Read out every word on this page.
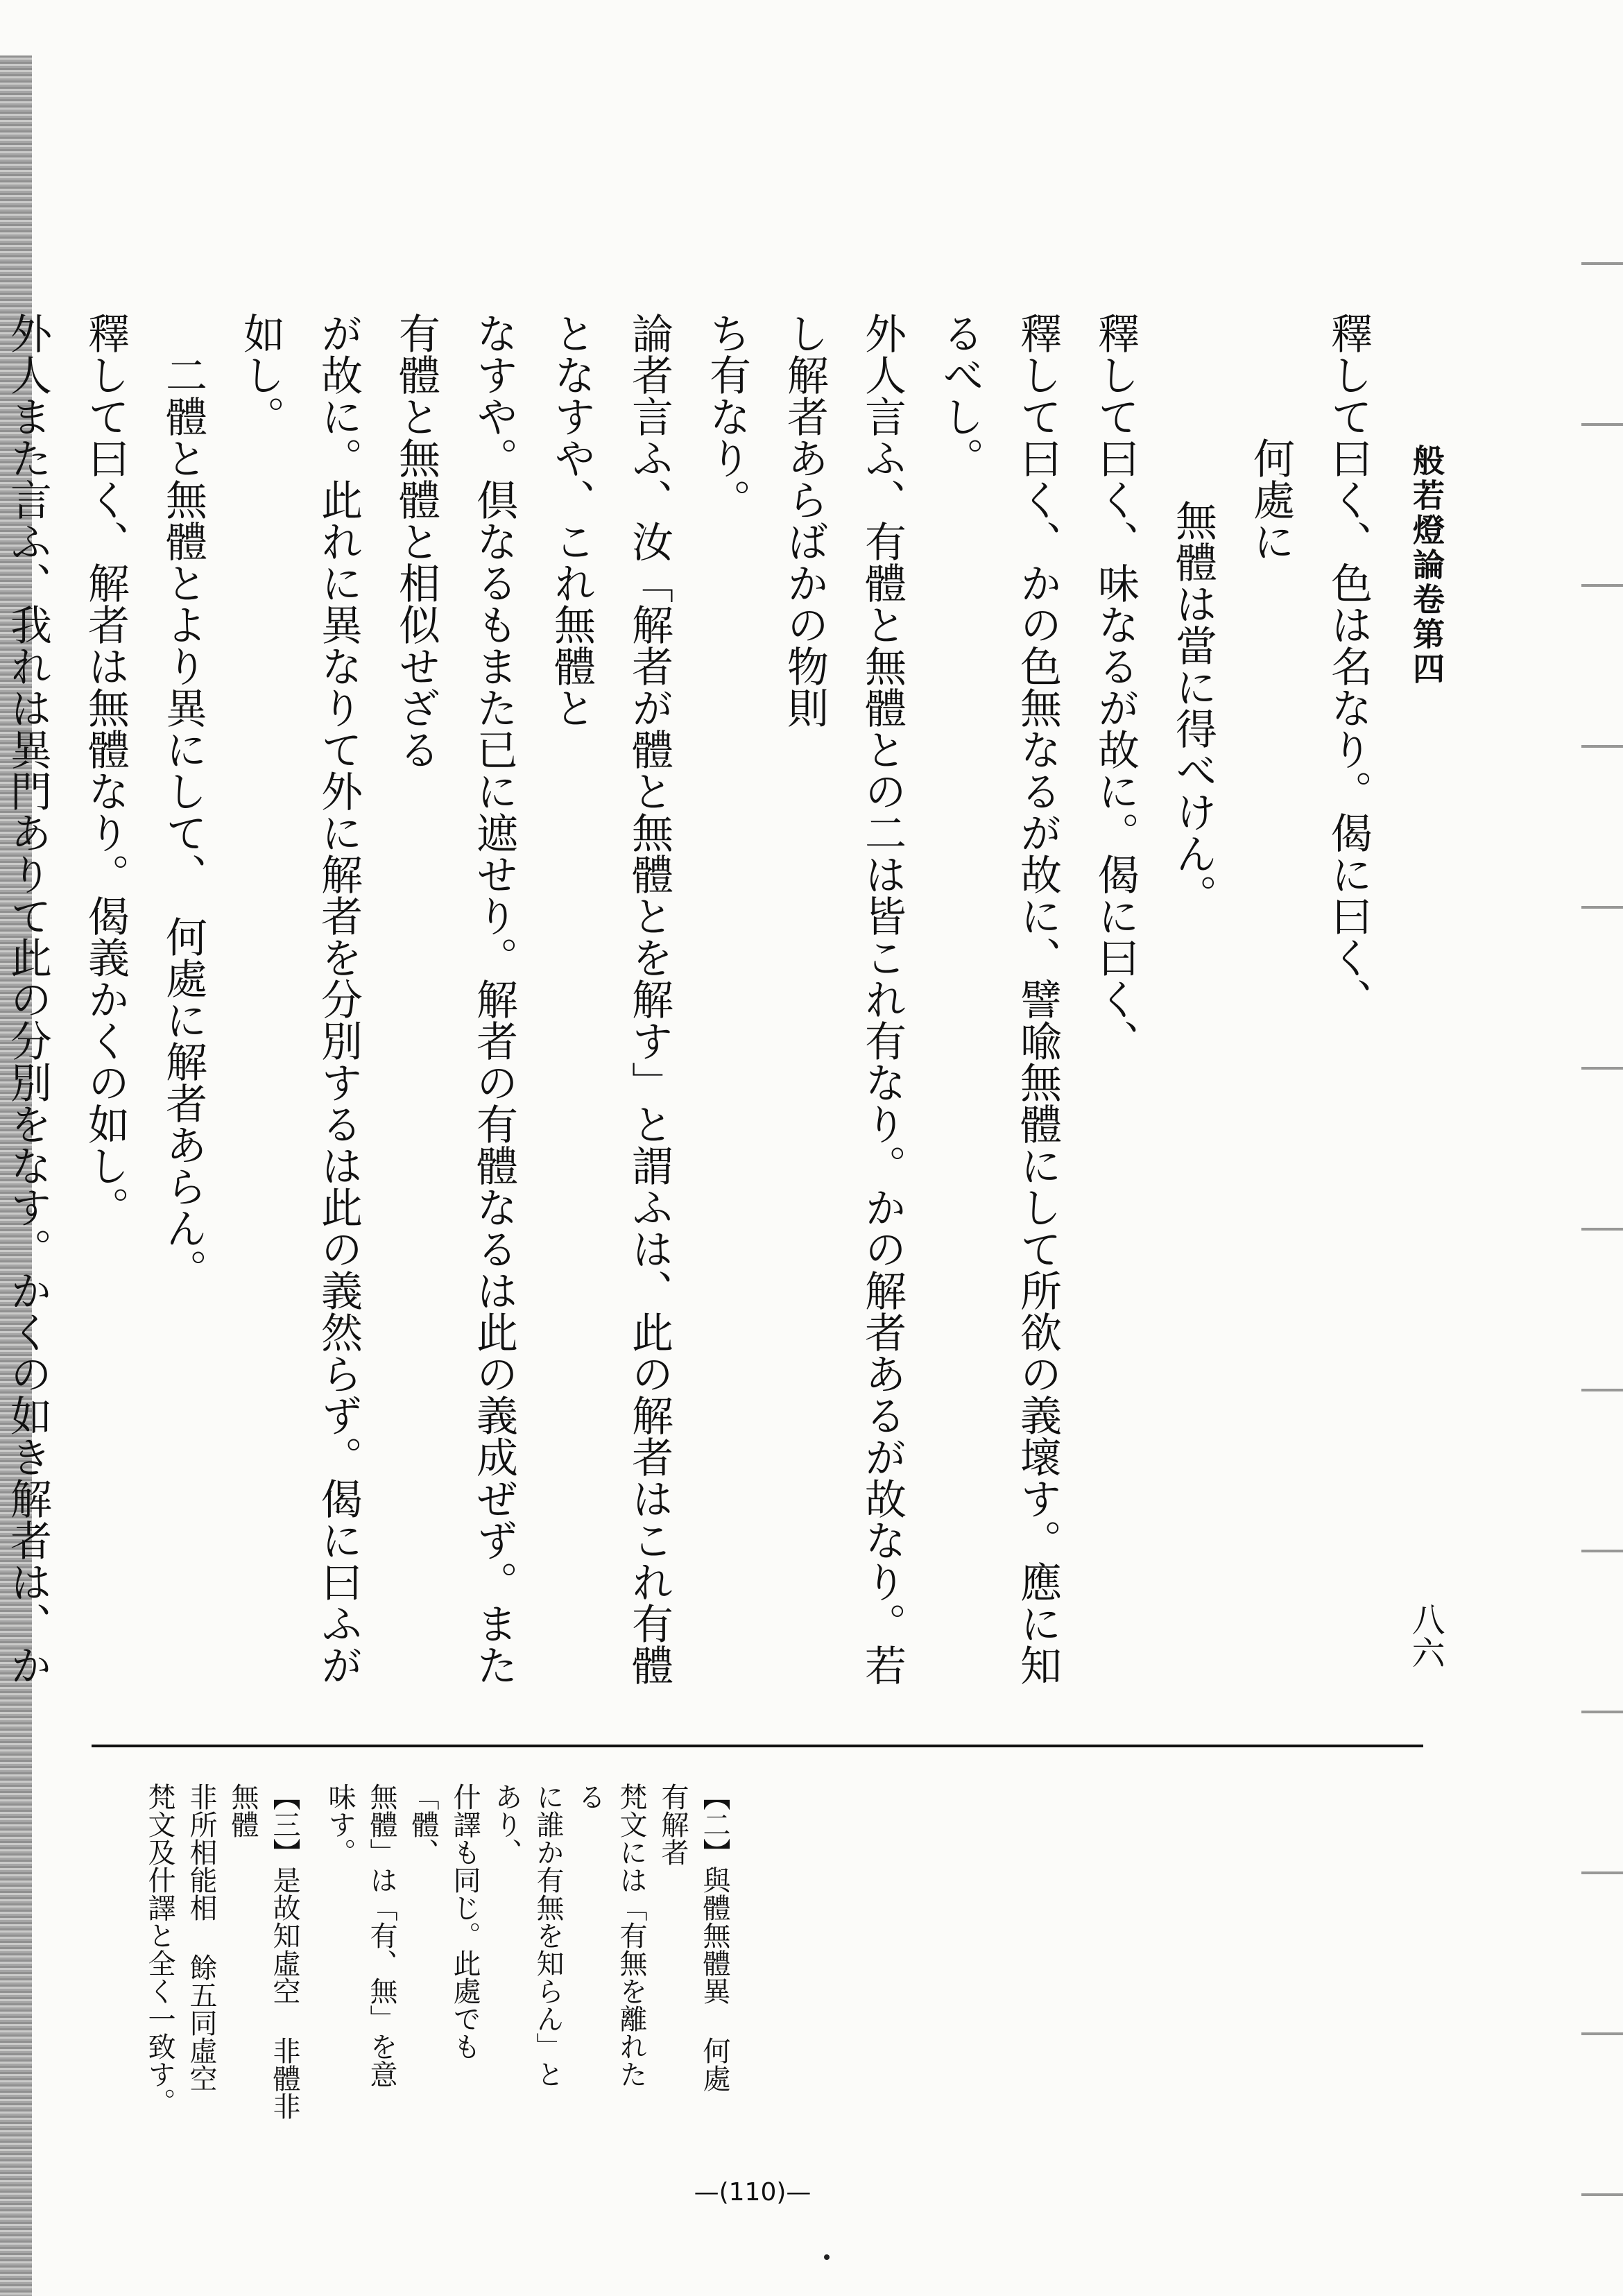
般若燈論卷第四
八六
釋して曰く、色は名なり。偈に曰く、
　何處に
　　無體は當に得べけん。
釋して曰く、味なるが故に。偈に曰く、
釋して曰く、かの色無なるが故に、譬喩無體にして所欲の義壞す。應に知るべし。
外人言ふ、有體と無體との二は皆これ有なり。かの解者あるが故なり。若し解者あらばかの物則
ち有なり。
論者言ふ、汝「解者が體と無體とを解す」と謂ふは、此の解者はこれ有體となすや、これ無體と
なすや。倶なるもまた已に遮せり。解者の有體なるは此の義成ぜず。また有體と無體と相似せざる
が故に。此れに異なりて外に解者を分別するは此の義然らず。偈に曰ふが如し。
二體と無體とより異にして、　何處に解者あらん。
釋して曰く、解者は無體なり。偈義かくの如し。
外人また言ふ、我れは異門ありて此の分別をなす。かくの如き解者は、か
【二】與體無體異 何處有解者
梵文には「有無を離れたる
に誰か有無を知らん」とあり、
什譯も同じ。此處でも「體、
無體」は「有、無」を意味す。
【三】是故知虛空 非體非無體
非所相能相 餘五同虛空
梵文及什譯と全く一致す。
—(110)—
